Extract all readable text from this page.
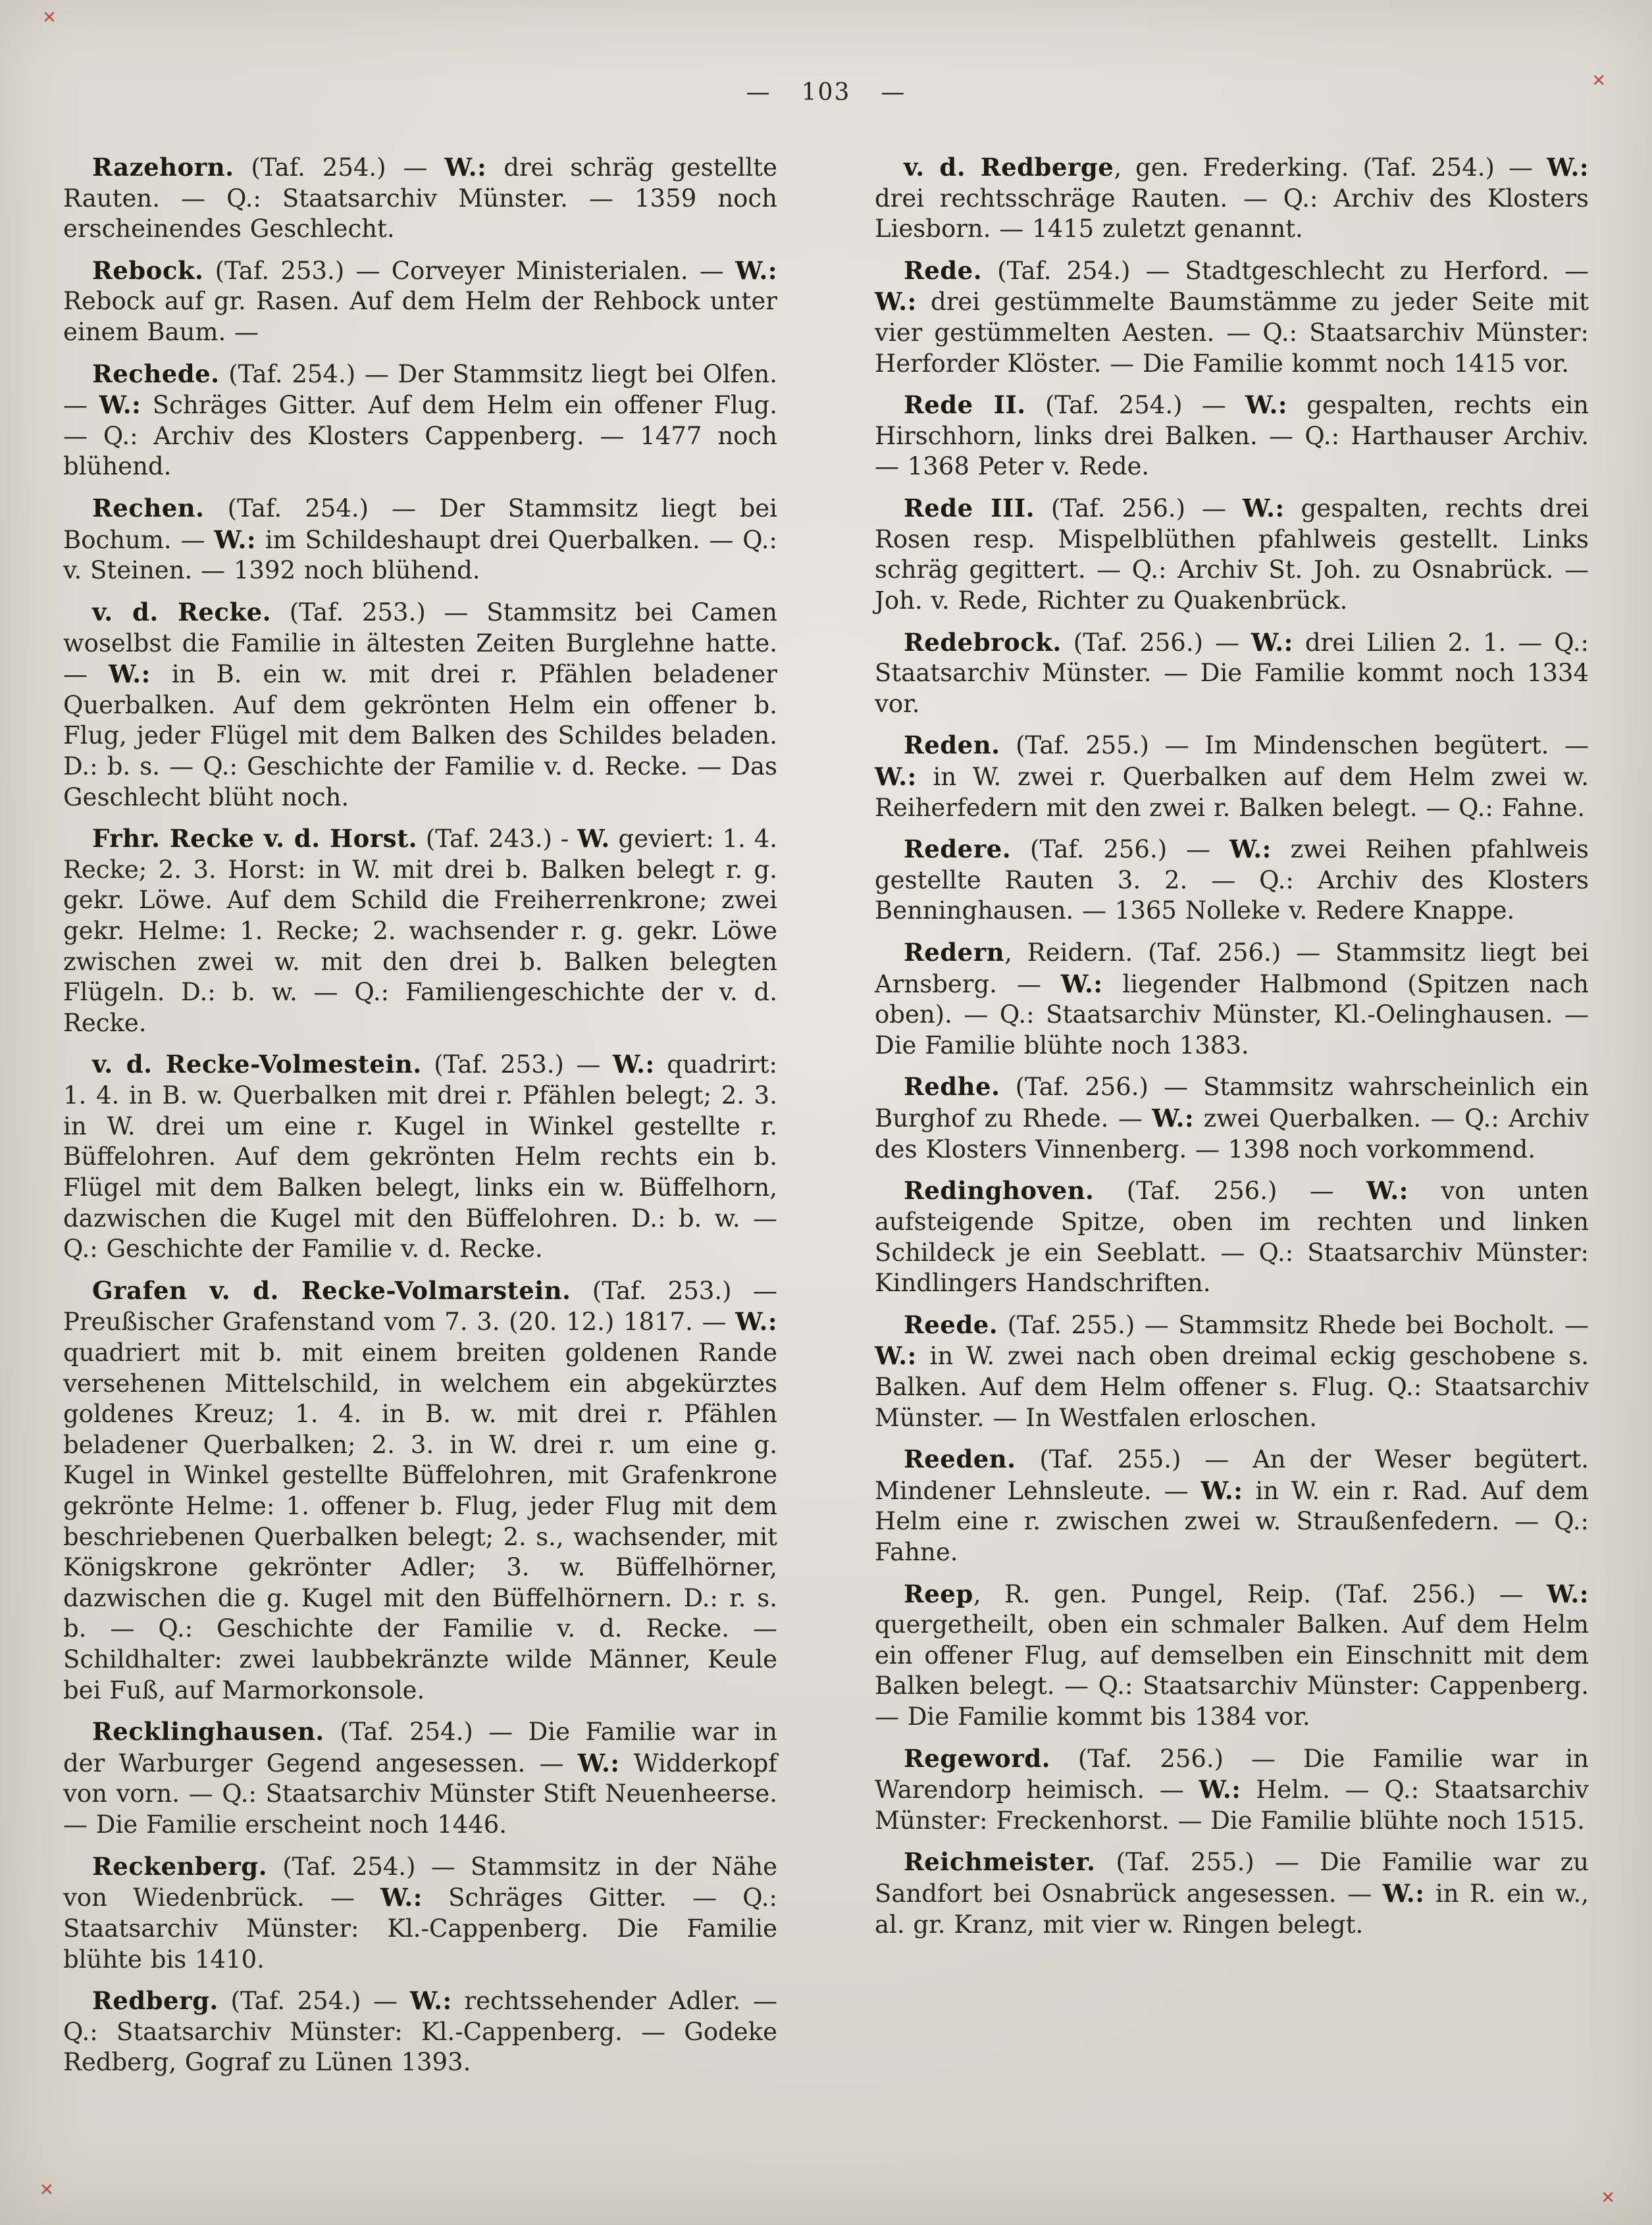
✕
✕
✕	✕
— 103 —

Razehorn. (Taf. 254.) — W.: drei schräg gestellte Rauten. — Q.: Staatsarchiv Münster. — 1359 noch erscheinendes Geschlecht.

Rebock. (Taf. 253.) — Corveyer Ministerialen. — W.: Rebock auf gr. Rasen. Auf dem Helm der Rehbock unter einem Baum. —

Rechede. (Taf. 254.) — Der Stammsitz liegt bei Olfen. — W.: Schräges Gitter. Auf dem Helm ein offener Flug. — Q.: Archiv des Klosters Cappenberg. — 1477 noch blühend.

Rechen. (Taf. 254.) — Der Stammsitz liegt bei Bochum. — W.: im Schildeshaupt drei Querbalken. — Q.: v. Steinen. — 1392 noch blühend.

v. d. Recke. (Taf. 253.) — Stammsitz bei Camen woselbst die Familie in ältesten Zeiten Burglehne hatte. — W.: in B. ein w. mit drei r. Pfählen beladener Querbalken. Auf dem gekrönten Helm ein offener b. Flug, jeder Flügel mit dem Balken des Schildes beladen. D.: b. s. — Q.: Geschichte der Familie v. d. Recke. — Das Geschlecht blüht noch.

Frhr. Recke v. d. Horst. (Taf. 243.) - W. geviert: 1. 4. Recke; 2. 3. Horst: in W. mit drei b. Balken belegt r. g. gekr. Löwe. Auf dem Schild die Freiherrenkrone; zwei gekr. Helme: 1. Recke; 2. wachsender r. g. gekr. Löwe zwischen zwei w. mit den drei b. Balken belegten Flügeln. D.: b. w. — Q.: Familiengeschichte der v. d. Recke.

v. d. Recke-Volmestein. (Taf. 253.) — W.: quadrirt: 1. 4. in B. w. Querbalken mit drei r. Pfählen belegt; 2. 3. in W. drei um eine r. Kugel in Winkel gestellte r. Büffelohren. Auf dem gekrönten Helm rechts ein b. Flügel mit dem Balken belegt, links ein w. Büffelhorn, dazwischen die Kugel mit den Büffelohren. D.: b. w. — Q.: Geschichte der Familie v. d. Recke.

Grafen v. d. Recke-Volmarstein. (Taf. 253.) — Preußischer Grafenstand vom 7. 3. (20. 12.) 1817. — W.: quadriert mit b. mit einem breiten goldenen Rande versehenen Mittelschild, in welchem ein abgekürztes goldenes Kreuz; 1. 4. in B. w. mit drei r. Pfählen beladener Querbalken; 2. 3. in W. drei r. um eine g. Kugel in Winkel gestellte Büffelohren, mit Grafenkrone gekrönte Helme: 1. offener b. Flug, jeder Flug mit dem beschriebenen Querbalken belegt; 2. s., wachsender, mit Königskrone gekrönter Adler; 3. w. Büffelhörner, dazwischen die g. Kugel mit den Büffelhörnern. D.: r. s. b. — Q.: Geschichte der Familie v. d. Recke. — Schildhalter: zwei laubbekränzte wilde Männer, Keule bei Fuß, auf Marmorkonsole.

Recklinghausen. (Taf. 254.) — Die Familie war in der Warburger Gegend angesessen. — W.: Widderkopf von vorn. — Q.: Staatsarchiv Münster Stift Neuenheerse. — Die Familie erscheint noch 1446.

Reckenberg. (Taf. 254.) — Stammsitz in der Nähe von Wiedenbrück. — W.: Schräges Gitter. — Q.: Staatsarchiv Münster: Kl.-Cappenberg. Die Familie blühte bis 1410.

Redberg. (Taf. 254.) — W.: rechtssehender Adler. — Q.: Staatsarchiv Münster: Kl.-Cappenberg. — Godeke Redberg, Gograf zu Lünen 1393.

v. d. Redberge, gen. Frederking. (Taf. 254.) — W.: drei rechtsschräge Rauten. — Q.: Archiv des Klosters Liesborn. — 1415 zuletzt genannt.

Rede. (Taf. 254.) — Stadtgeschlecht zu Herford. — W.: drei gestümmelte Baumstämme zu jeder Seite mit vier gestümmelten Aesten. — Q.: Staatsarchiv Münster: Herforder Klöster. — Die Familie kommt noch 1415 vor.

Rede II. (Taf. 254.) — W.: gespalten, rechts ein Hirschhorn, links drei Balken. — Q.: Harthauser Archiv. — 1368 Peter v. Rede.

Rede III. (Taf. 256.) — W.: gespalten, rechts drei Rosen resp. Mispelblüthen pfahlweis gestellt. Links schräg gegittert. — Q.: Archiv St. Joh. zu Osnabrück. — Joh. v. Rede, Richter zu Quakenbrück.

Redebrock. (Taf. 256.) — W.: drei Lilien 2. 1. — Q.: Staatsarchiv Münster. — Die Familie kommt noch 1334 vor.

Reden. (Taf. 255.) — Im Mindenschen begütert. — W.: in W. zwei r. Querbalken auf dem Helm zwei w. Reiherfedern mit den zwei r. Balken belegt. — Q.: Fahne.

Redere. (Taf. 256.) — W.: zwei Reihen pfahlweis gestellte Rauten 3. 2. — Q.: Archiv des Klosters Benninghausen. — 1365 Nolleke v. Redere Knappe.

Redern, Reidern. (Taf. 256.) — Stammsitz liegt bei Arnsberg. — W.: liegender Halbmond (Spitzen nach oben). — Q.: Staatsarchiv Münster, Kl.-Oelinghausen. — Die Familie blühte noch 1383.

Redhe. (Taf. 256.) — Stammsitz wahrscheinlich ein Burghof zu Rhede. — W.: zwei Querbalken. — Q.: Archiv des Klosters Vinnenberg. — 1398 noch vorkommend.

Redinghoven. (Taf. 256.) — W.: von unten aufsteigende Spitze, oben im rechten und linken Schildeck je ein Seeblatt. — Q.: Staatsarchiv Münster: Kindlingers Handschriften.

Reede. (Taf. 255.) — Stammsitz Rhede bei Bocholt. — W.: in W. zwei nach oben dreimal eckig geschobene s. Balken. Auf dem Helm offener s. Flug. Q.: Staatsarchiv Münster. — In Westfalen erloschen.

Reeden. (Taf. 255.) — An der Weser begütert. Mindener Lehnsleute. — W.: in W. ein r. Rad. Auf dem Helm eine r. zwischen zwei w. Straußenfedern. — Q.: Fahne.

Reep, R. gen. Pungel, Reip. (Taf. 256.) — W.: quergetheilt, oben ein schmaler Balken. Auf dem Helm ein offener Flug, auf demselben ein Einschnitt mit dem Balken belegt. — Q.: Staatsarchiv Münster: Cappenberg. — Die Familie kommt bis 1384 vor.

Regeword. (Taf. 256.) — Die Familie war in Warendorp heimisch. — W.: Helm. — Q.: Staatsarchiv Münster: Freckenhorst. — Die Familie blühte noch 1515.

Reichmeister. (Taf. 255.) — Die Familie war zu Sandfort bei Osnabrück angesessen. — W.: in R. ein w., al. gr. Kranz, mit vier w. Ringen belegt.
